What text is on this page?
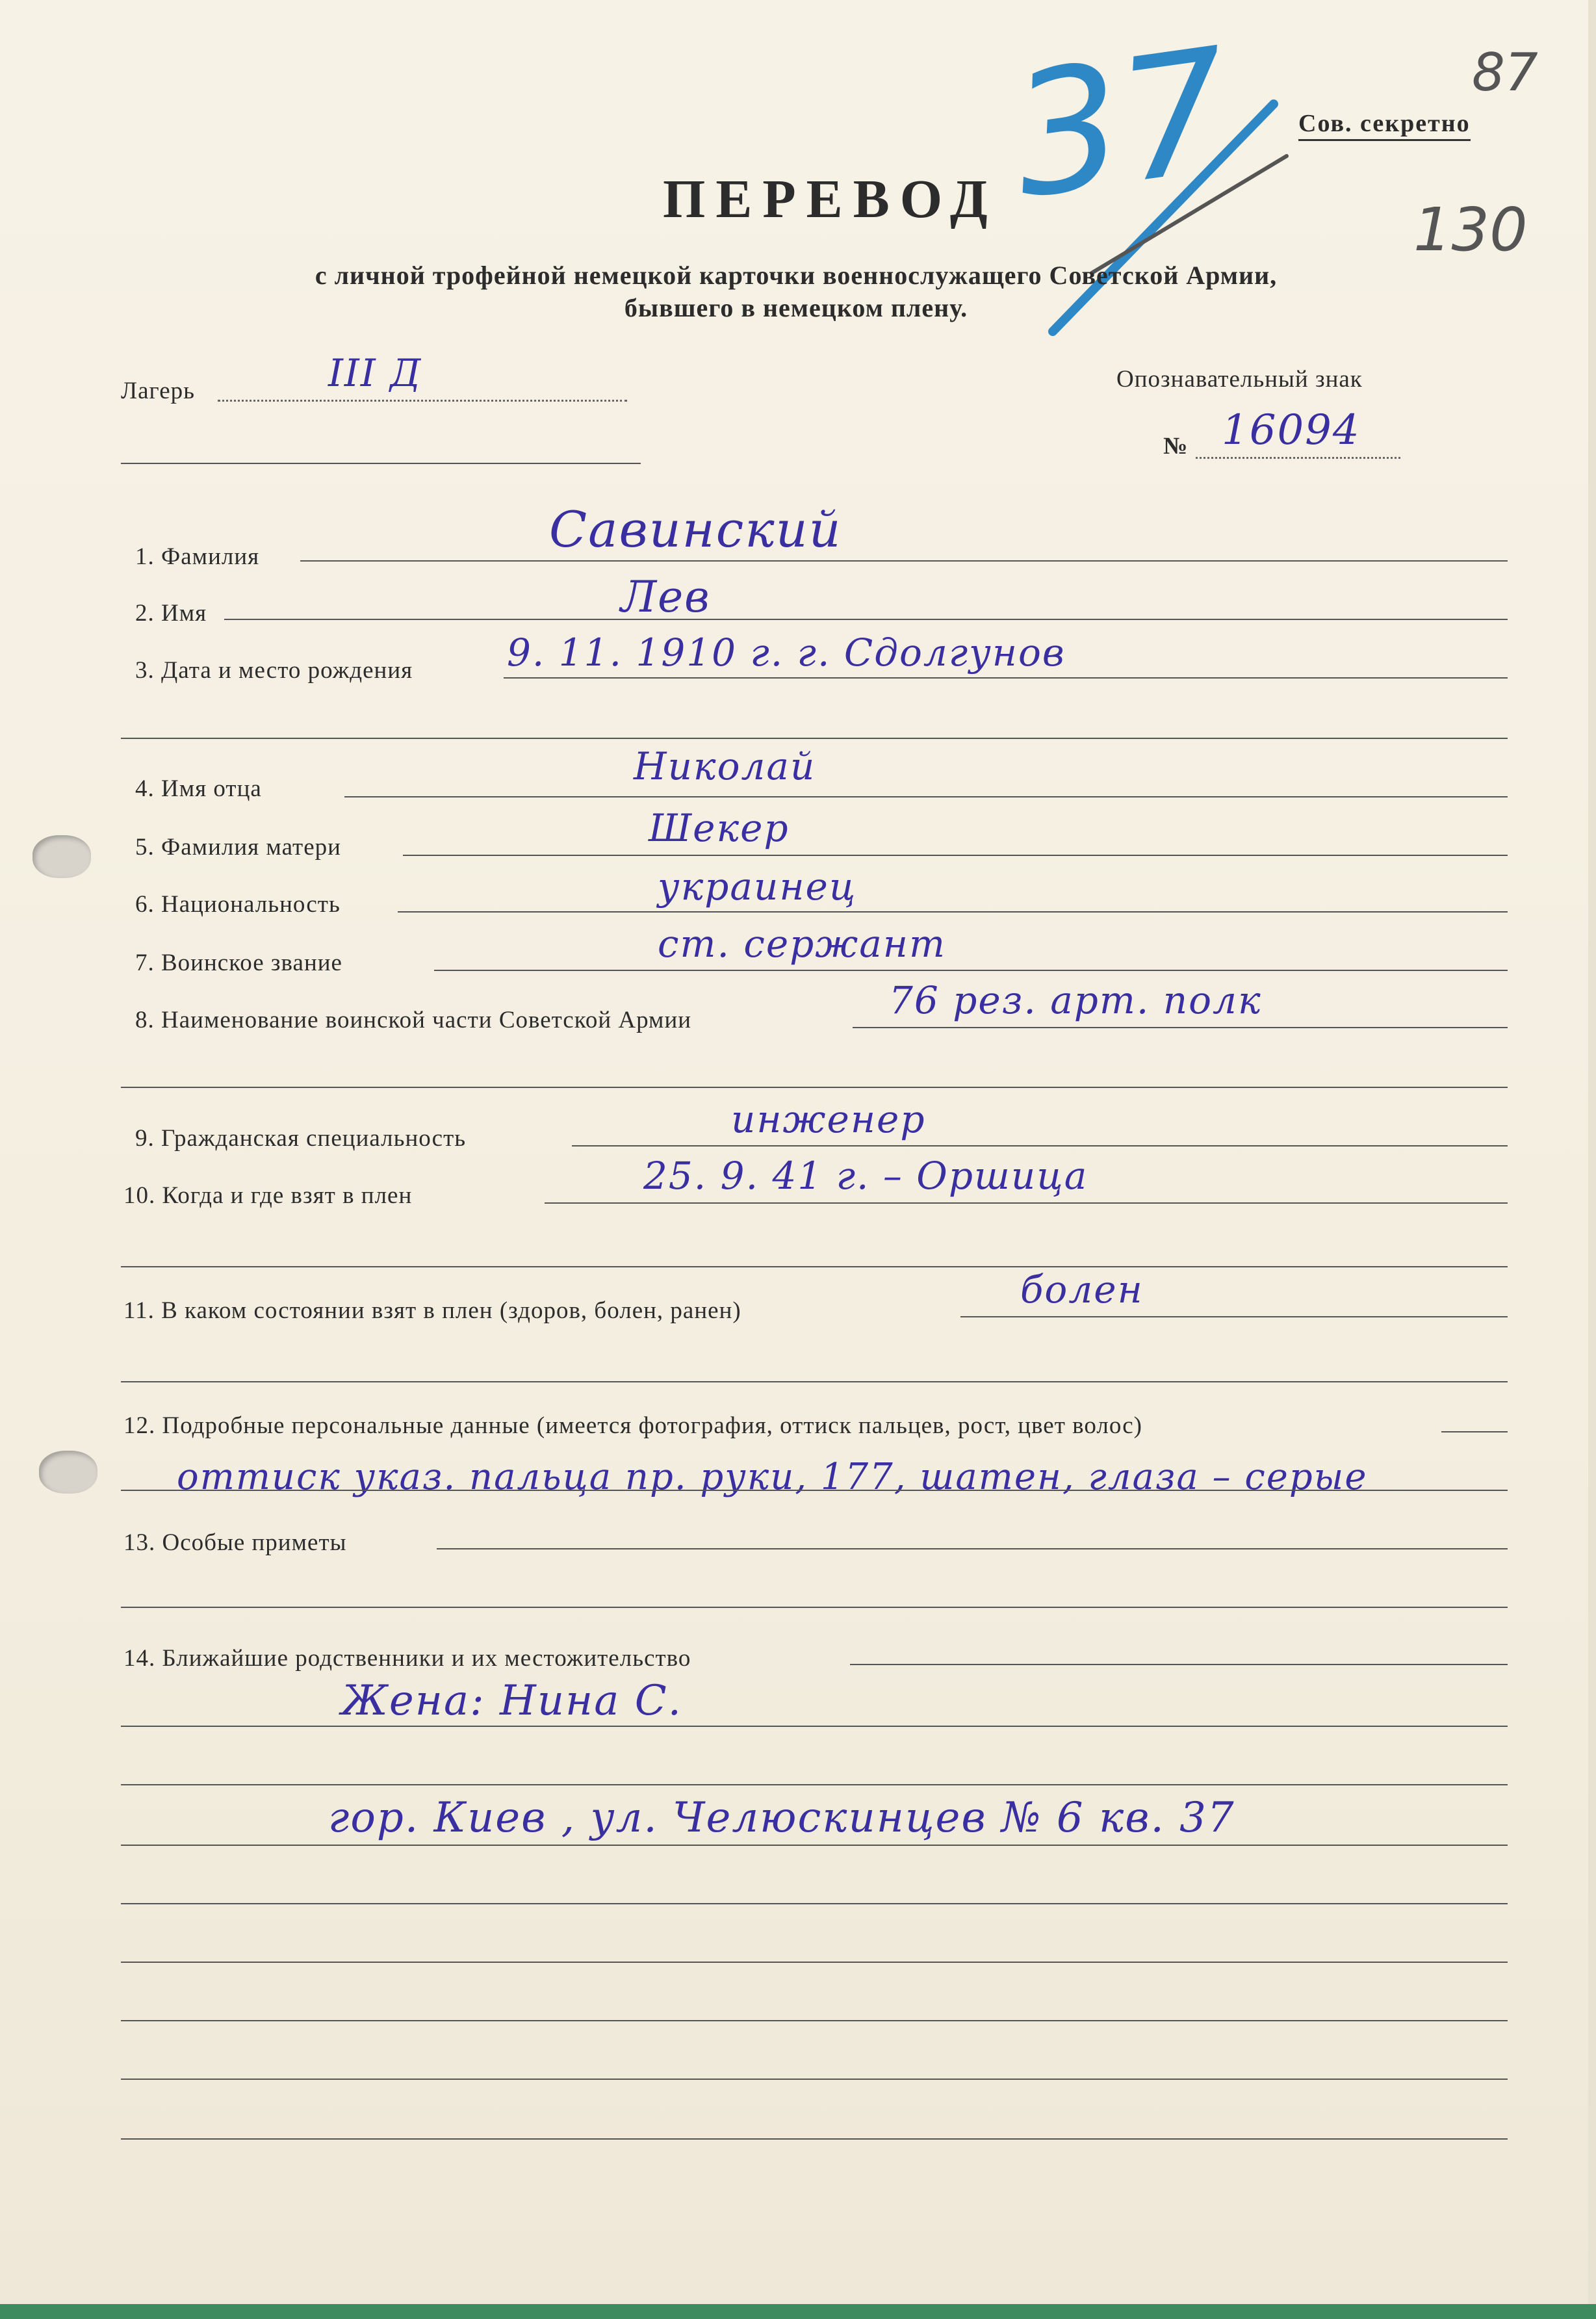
87
130
37 Сов. секретно
ПЕРЕВОД
с личной трофейной немецкой карточки военнослужащего Советской Армии,
бывшего в немецком плену.
Лагерь	III Д	Опознавательный знак
№ 16094
1. Фамилия	Савинский
2. Имя	Лев
3. Дата и место рождения 9. 11. 1910 г. г. Сдолгунов
4. Имя отца
Николай
5. Фамилия матери	Шекер
6. Национальность	украинец
7. Воинское звание	ст. сержант
8. Наименование воинской части Советской Армии	76 рез. арт. полк
9. Гражданская специальность	инженер
10. Когда и где взят в плен	25. 9. 41 г. – Оршица
11. В каком состоянии взят в плен (здоров, болен, ранен)	болен
12. Подробные персональные данные (имеется фотография, оттиск пальцев, рост, цвет волос)
оттиск указ. пальца пр. руки, 177, шатен, глаза – серые
13. Особые приметы
14. Ближайшие родственники и их местожительство
Жена: Нина С.
гор. Киев , ул. Челюскинцев № 6 кв. 37
